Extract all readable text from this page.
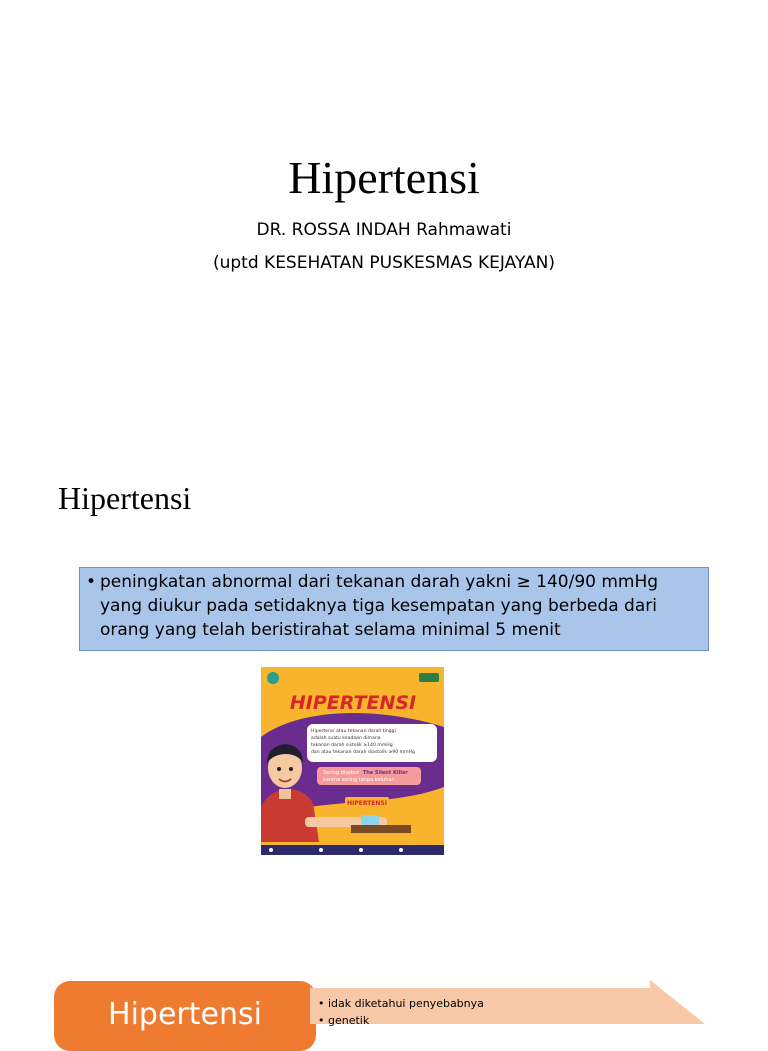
Hipertensi
DR. ROSSA INDAH Rahmawati
(uptd KESEHATAN PUSKESMAS KEJAYAN)
Hipertensi
• peningkatan abnormal dari tekanan darah yakni ≥ 140/90 mmHg yang diukur pada setidaknya tiga kesempatan yang berbeda dari orang yang telah beristirahat selama minimal 5 menit
HIPERTENSI
Hipertensi atau tekanan darah tinggi adalah suatu keadaan dimana tekanan darah sistolik ≥140 mmHg dan atau tekanan darah diastolik ≥90 mmHg
Sering disebut The Silent Killer karena sering tanpa keluhan
HIPERTENSI
Hipertensi	• idak diketahui penyebabnya
• genetik
